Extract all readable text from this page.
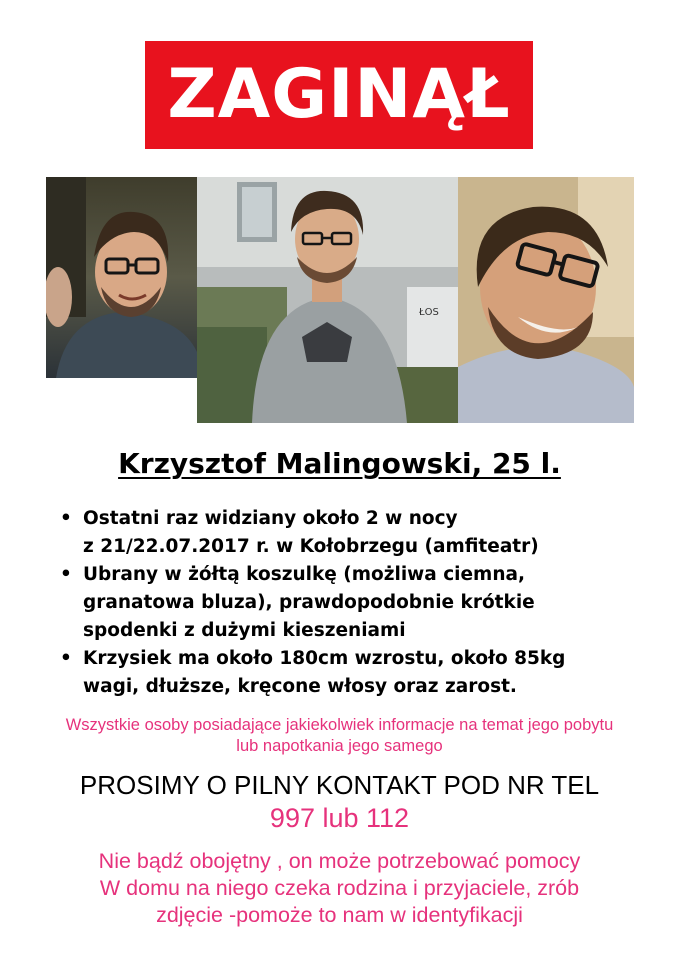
ZAGINĄŁ
ŁOS
Krzysztof Malingowski, 25 l.
• Ostatni raz widziany około 2 w nocy
z 21/22.07.2017 r. w Kołobrzegu (amfiteatr)
• Ubrany w żółtą koszulkę (możliwa ciemna,
granatowa bluza), prawdopodobnie krótkie
spodenki z dużymi kieszeniami
• Krzysiek ma około 180cm wzrostu, około 85kg
wagi, dłuższe, kręcone włosy oraz zarost.
Wszystkie osoby posiadające jakiekolwiek informacje na temat jego pobytu
lub napotkania jego samego
PROSIMY O PILNY KONTAKT POD NR TEL
997 lub 112
Nie bądź obojętny , on może potrzebować pomocy
W domu na niego czeka rodzina i przyjaciele, zrób
zdjęcie -pomoże to nam w identyfikacji
